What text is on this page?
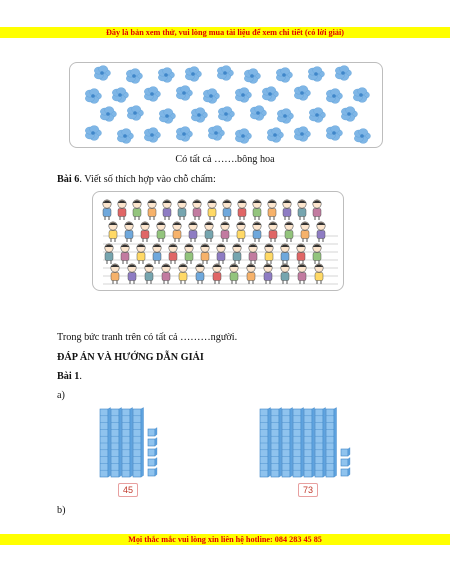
Đây là bản xem thử, vui lòng mua tài liệu để xem chi tiết (có lời giải)
Có tất cả …….bông hoa
Bài 6. Viết số thích hợp vào chỗ chấm:
Trong bức tranh trên có tất cả ………người.
ĐÁP ÁN VÀ HƯỚNG DẪN GIẢI
Bài 1.
a)
45	73
b)
Mọi thắc mắc vui lòng xin liên hệ hotline: 084 283 45 85
